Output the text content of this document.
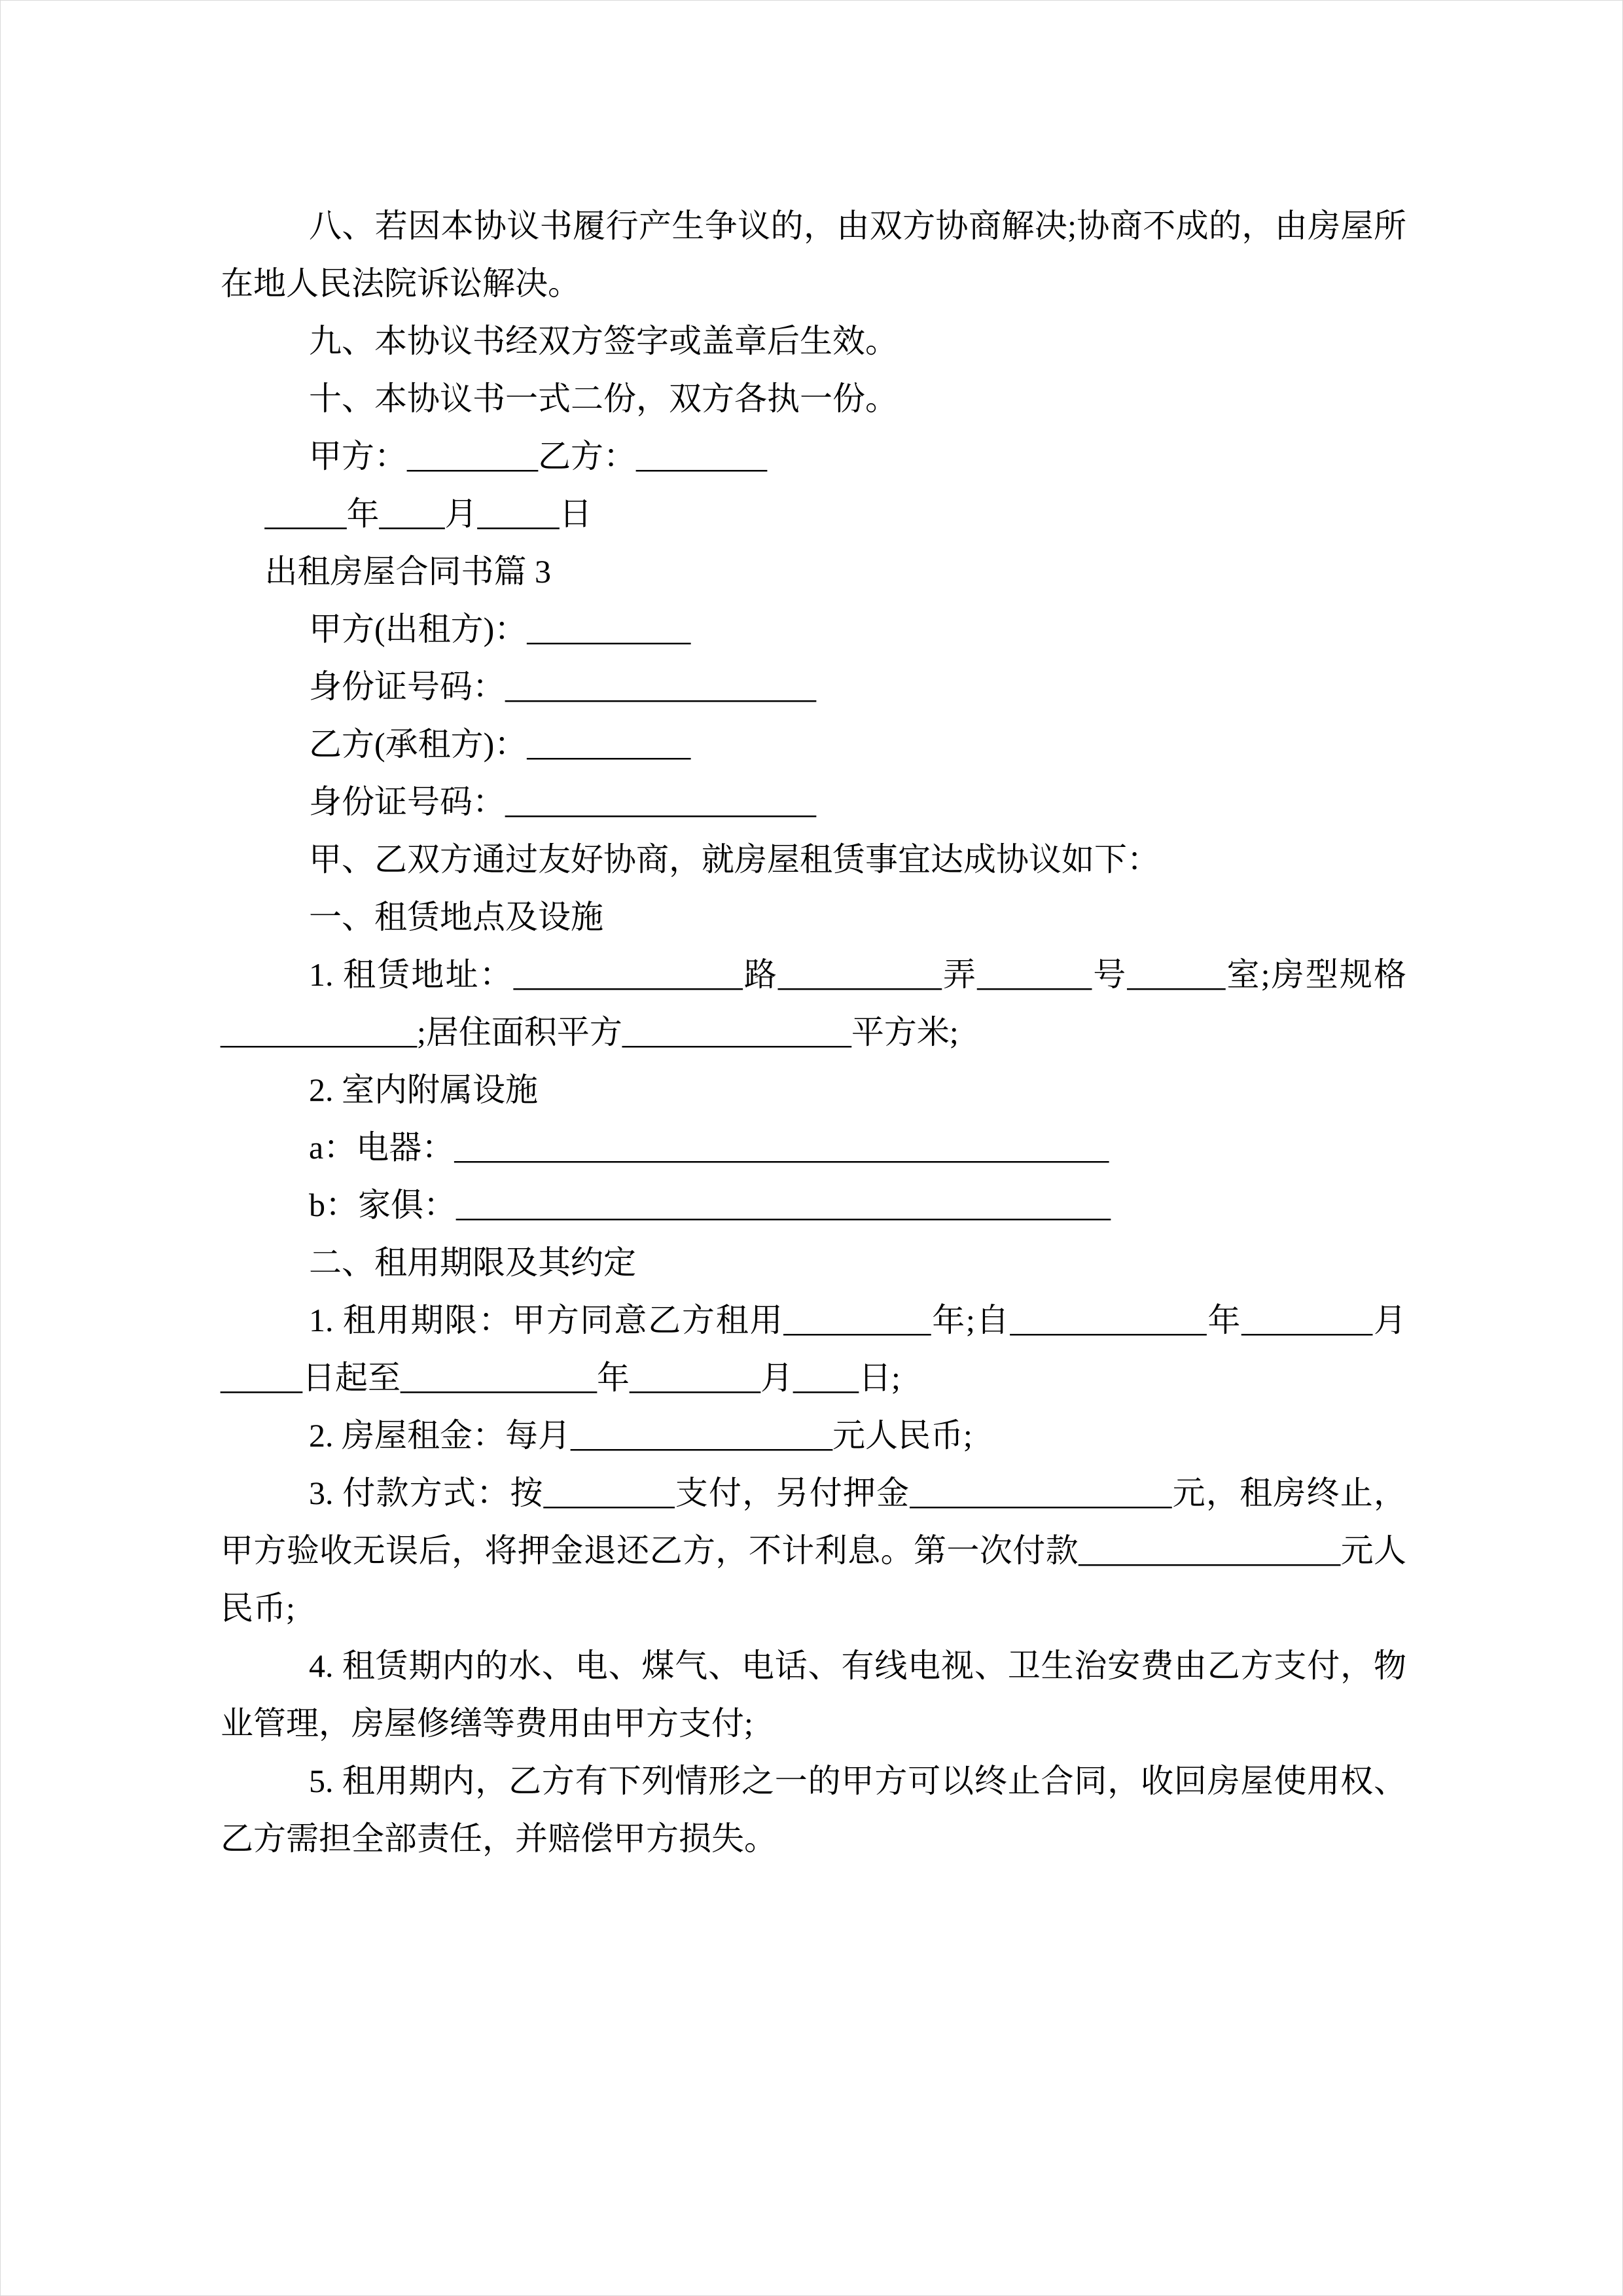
八、若因本协议书履行产生争议的，由双方协商解决;协商不成的，由房屋所在地人民法院诉讼解决。

九、本协议书经双方签字或盖章后生效。

十、本协议书一式二份，双方各执一份。

甲方：________乙方：________

_____年____月_____日

出租房屋合同书篇 3

甲方(出租方)：__________

身份证号码：___________________

乙方(承租方)：__________

身份证号码：___________________

甲、乙双方通过友好协商，就房屋租赁事宜达成协议如下：

一、租赁地点及设施

1. 租赁地址：______________路__________弄_______号______室;房型规格____________;居住面积平方______________平方米;

2. 室内附属设施

a：电器：________________________________________

b：家俱：________________________________________

二、租用期限及其约定

1. 租用期限：甲方同意乙方租用_________年;自____________年________月_____日起至____________年________月____日;

2. 房屋租金：每月________________元人民币;

3. 付款方式：按________支付，另付押金________________元，租房终止，甲方验收无误后，将押金退还乙方，不计利息。第一次付款________________元人民币;

4. 租赁期内的水、电、煤气、电话、有线电视、卫生治安费由乙方支付，物业管理，房屋修缮等费用由甲方支付;

5. 租用期内，乙方有下列情形之一的甲方可以终止合同，收回房屋使用权、乙方需担全部责任，并赔偿甲方损失。
